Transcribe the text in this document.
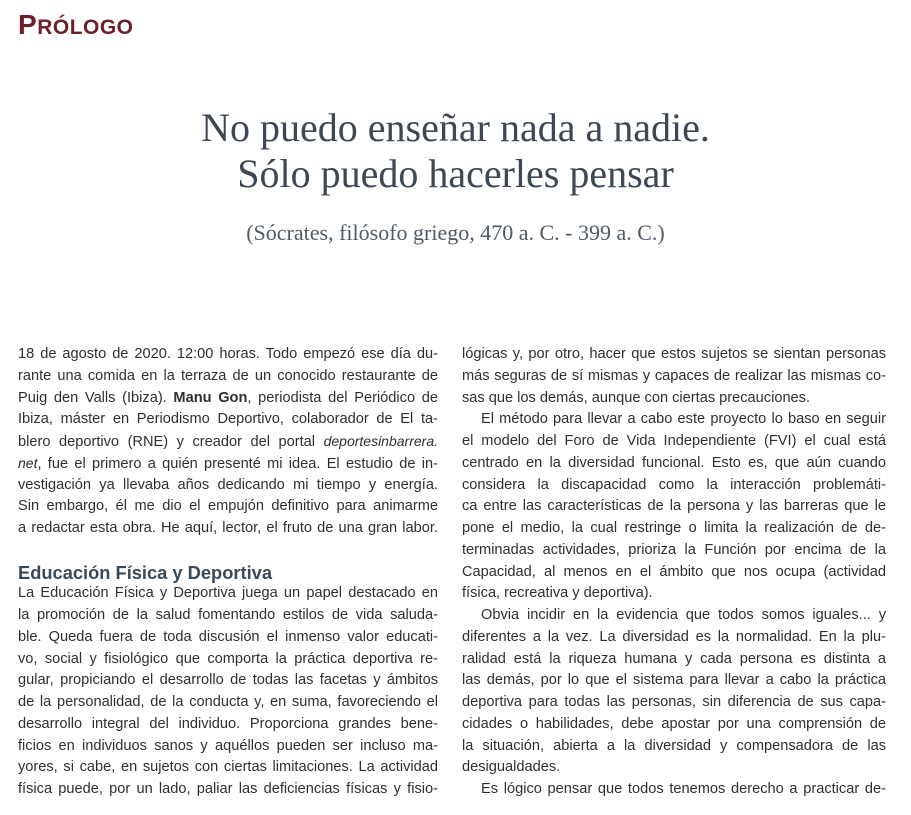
PRÓLOGO
No puedo enseñar nada a nadie.
Sólo puedo hacerles pensar
(Sócrates, filósofo griego, 470 a. C. - 399 a. C.)
18 de agosto de 2020. 12:00 horas. Todo empezó ese día du-
rante una comida en la terraza de un conocido restaurante de
Puig den Valls (Ibiza). Manu Gon, periodista del Periódico de
Ibiza, máster en Periodismo Deportivo, colaborador de El ta-
blero deportivo (RNE) y creador del portal deportesinbarrera.
net, fue el primero a quién presenté mi idea. El estudio de in-
vestigación ya llevaba años dedicando mi tiempo y energía.
Sin embargo, él me dio el empujón definitivo para animarme
a redactar esta obra. He aquí, lector, el fruto de una gran labor.
Educación Física y Deportiva
La Educación Física y Deportiva juega un papel destacado en
la promoción de la salud fomentando estilos de vida saluda-
ble. Queda fuera de toda discusión el inmenso valor educati-
vo, social y fisiológico que comporta la práctica deportiva re-
gular, propiciando el desarrollo de todas las facetas y ámbitos
de la personalidad, de la conducta y, en suma, favoreciendo el
desarrollo integral del individuo. Proporciona grandes bene-
ficios en individuos sanos y aquéllos pueden ser incluso ma-
yores, si cabe, en sujetos con ciertas limitaciones. La actividad
física puede, por un lado, paliar las deficiencias físicas y fisio-
lógicas y, por otro, hacer que estos sujetos se sientan personas
más seguras de sí mismas y capaces de realizar las mismas co-
sas que los demás, aunque con ciertas precauciones.
El método para llevar a cabo este proyecto lo baso en seguir
el modelo del Foro de Vida Independiente (FVI) el cual está
centrado en la diversidad funcional. Esto es, que aún cuando
considera la discapacidad como la interacción problemáti-
ca entre las características de la persona y las barreras que le
pone el medio, la cual restringe o limita la realización de de-
terminadas actividades, prioriza la Función por encima de la
Capacidad, al menos en el ámbito que nos ocupa (actividad
física, recreativa y deportiva).
Obvia incidir en la evidencia que todos somos iguales... y
diferentes a la vez. La diversidad es la normalidad. En la plu-
ralidad está la riqueza humana y cada persona es distinta a
las demás, por lo que el sistema para llevar a cabo la práctica
deportiva para todas las personas, sin diferencia de sus capa-
cidades o habilidades, debe apostar por una comprensión de
la situación, abierta a la diversidad y compensadora de las
desigualdades.
Es lógico pensar que todos tenemos derecho a practicar de-
